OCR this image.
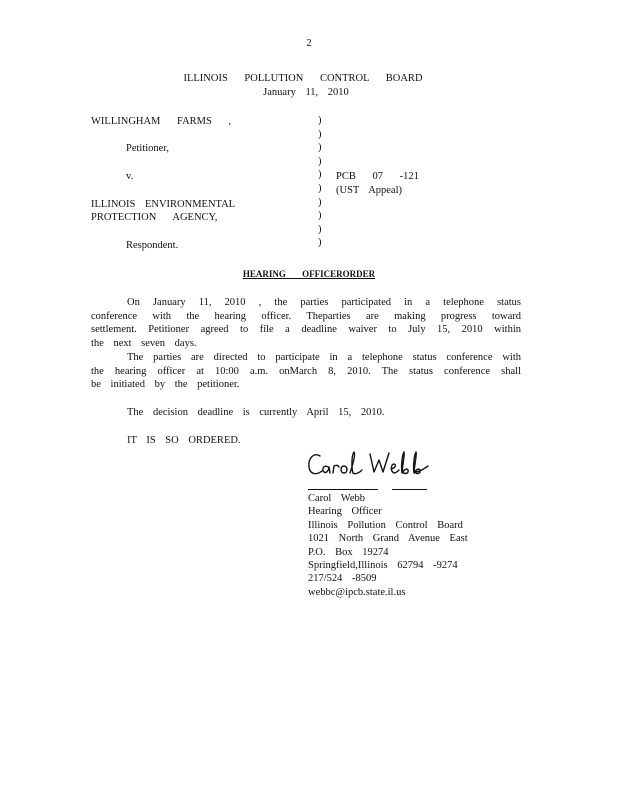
2
ILLINOIS POLLUTION CONTROL BOARD
January 11, 2010
WILLINGHAM FARMS ,
Petitioner,
v.
ILLINOIS ENVIRONMENTAL
PROTECTION AGENCY,
Respondent.
)
)
)
)
)
)
)
)
)
)
PCB 07 -121
(UST Appeal)
HEARING OFFICERORDER
On January 11, 2010 , the parties participated in a telephone status conference with the hearing officer. Theparties are making progress toward settlement. Petitioner agreed to file a deadline waiver to July 15, 2010 within the next seven days.
The parties are directed to participate in a telephone status conference with the hearing officer at 10:00 a.m. onMarch 8, 2010. The status conference shall be initiated by the petitioner.
The decision deadline is currently April 15, 2010.
IT IS SO ORDERED.
Carol Webb
Hearing Officer
Illinois Pollution Control Board
1021 North Grand Avenue East
P.O. Box 19274
Springfield,Illinois 62794 -9274
217/524 -8509
webbc@ipcb.state.il.us
